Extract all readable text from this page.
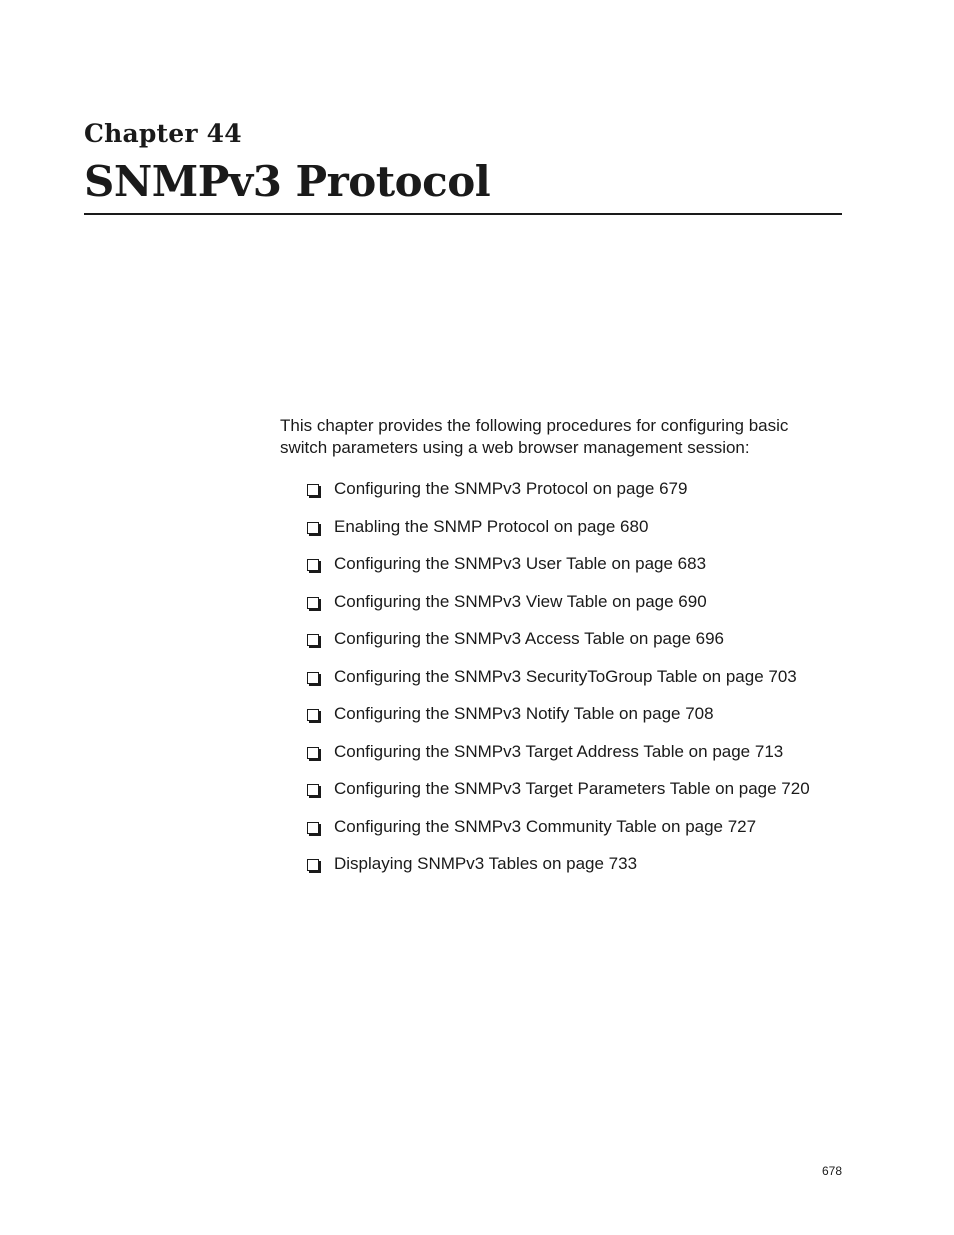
Chapter 44
SNMPv3 Protocol

This chapter provides the following procedures for configuring basic switch parameters using a web browser management session:

Configuring the SNMPv3 Protocol on page 679
Enabling the SNMP Protocol on page 680
Configuring the SNMPv3 User Table on page 683
Configuring the SNMPv3 View Table on page 690
Configuring the SNMPv3 Access Table on page 696
Configuring the SNMPv3 SecurityToGroup Table on page 703
Configuring the SNMPv3 Notify Table on page 708
Configuring the SNMPv3 Target Address Table on page 713
Configuring the SNMPv3 Target Parameters Table on page 720
Configuring the SNMPv3 Community Table on page 727
Displaying SNMPv3 Tables on page 733
678
